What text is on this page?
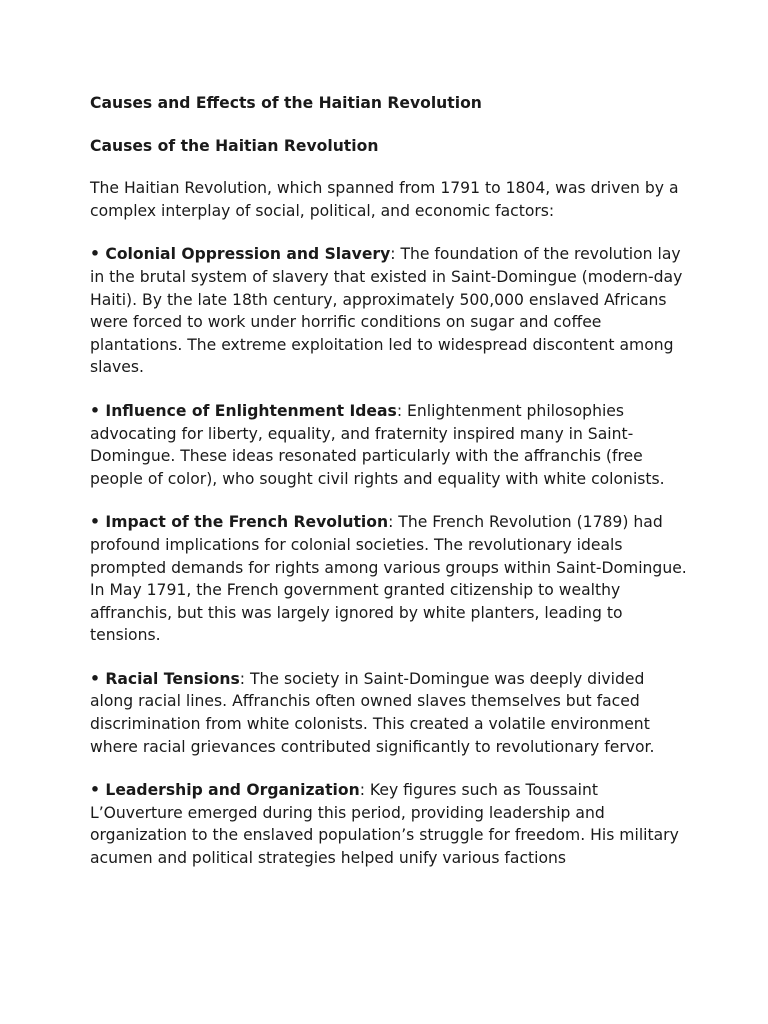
Causes and Effects of the Haitian Revolution
Causes of the Haitian Revolution
The Haitian Revolution, which spanned from 1791 to 1804, was driven by a complex interplay of social, political, and economic factors:
• Colonial Oppression and Slavery: The foundation of the revolution lay in the brutal system of slavery that existed in Saint-Domingue (modern-day Haiti). By the late 18th century, approximately 500,000 enslaved Africans were forced to work under horrific conditions on sugar and coffee plantations. The extreme exploitation led to widespread discontent among slaves.
• Influence of Enlightenment Ideas: Enlightenment philosophies advocating for liberty, equality, and fraternity inspired many in Saint-Domingue. These ideas resonated particularly with the affranchis (free people of color), who sought civil rights and equality with white colonists.
• Impact of the French Revolution: The French Revolution (1789) had profound implications for colonial societies. The revolutionary ideals prompted demands for rights among various groups within Saint-Domingue. In May 1791, the French government granted citizenship to wealthy affranchis, but this was largely ignored by white planters, leading to tensions.
• Racial Tensions: The society in Saint-Domingue was deeply divided along racial lines. Affranchis often owned slaves themselves but faced discrimination from white colonists. This created a volatile environment where racial grievances contributed significantly to revolutionary fervor.
• Leadership and Organization: Key figures such as Toussaint L’Ouverture emerged during this period, providing leadership and organization to the enslaved population’s struggle for freedom. His military acumen and political strategies helped unify various factions
